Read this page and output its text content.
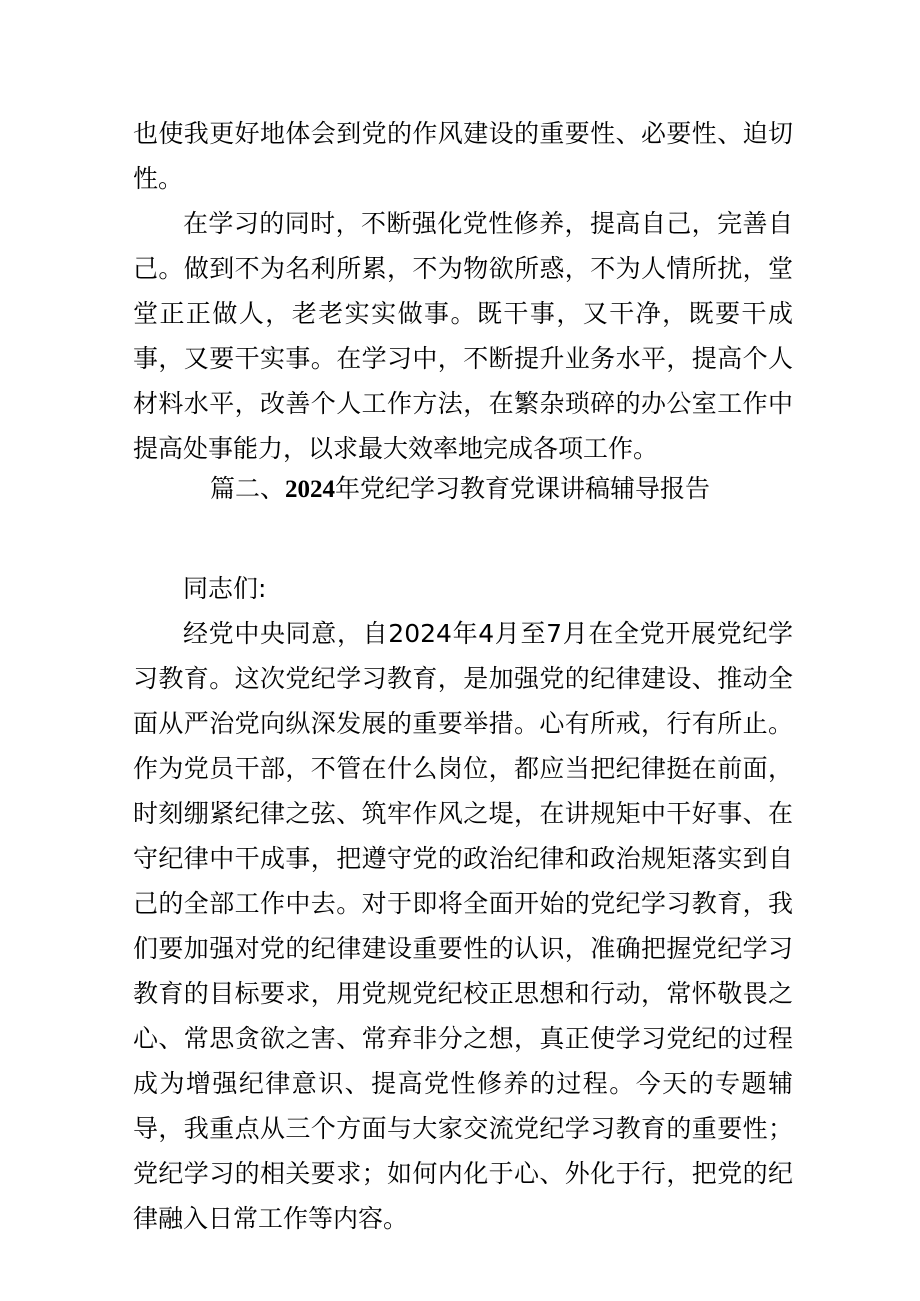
也使我更好地体会到党的作风建设的重要性、必要性、迫切性。

在学习的同时，不断强化党性修养，提高自己，完善自己。做到不为名利所累，不为物欲所惑，不为人情所扰，堂堂正正做人，老老实实做事。既干事，又干净，既要干成事，又要干实事。在学习中，不断提升业务水平，提高个人材料水平，改善个人工作方法，在繁杂琐碎的办公室工作中提高处事能力，以求最大效率地完成各项工作。

篇二、2024年党纪学习教育党课讲稿辅导报告

同志们:

经党中央同意，自2024年4月至7月在全党开展党纪学习教育。这次党纪学习教育，是加强党的纪律建设、推动全面从严治党向纵深发展的重要举措。心有所戒，行有所止。作为党员干部，不管在什么岗位，都应当把纪律挺在前面，时刻绷紧纪律之弦、筑牢作风之堤，在讲规矩中干好事、在守纪律中干成事，把遵守党的政治纪律和政治规矩落实到自己的全部工作中去。对于即将全面开始的党纪学习教育，我们要加强对党的纪律建设重要性的认识，准确把握党纪学习教育的目标要求，用党规党纪校正思想和行动，常怀敬畏之心、常思贪欲之害、常弃非分之想，真正使学习党纪的过程成为增强纪律意识、提高党性修养的过程。今天的专题辅导，我重点从三个方面与大家交流党纪学习教育的重要性；党纪学习的相关要求；如何内化于心、外化于行，把党的纪律融入日常工作等内容。
